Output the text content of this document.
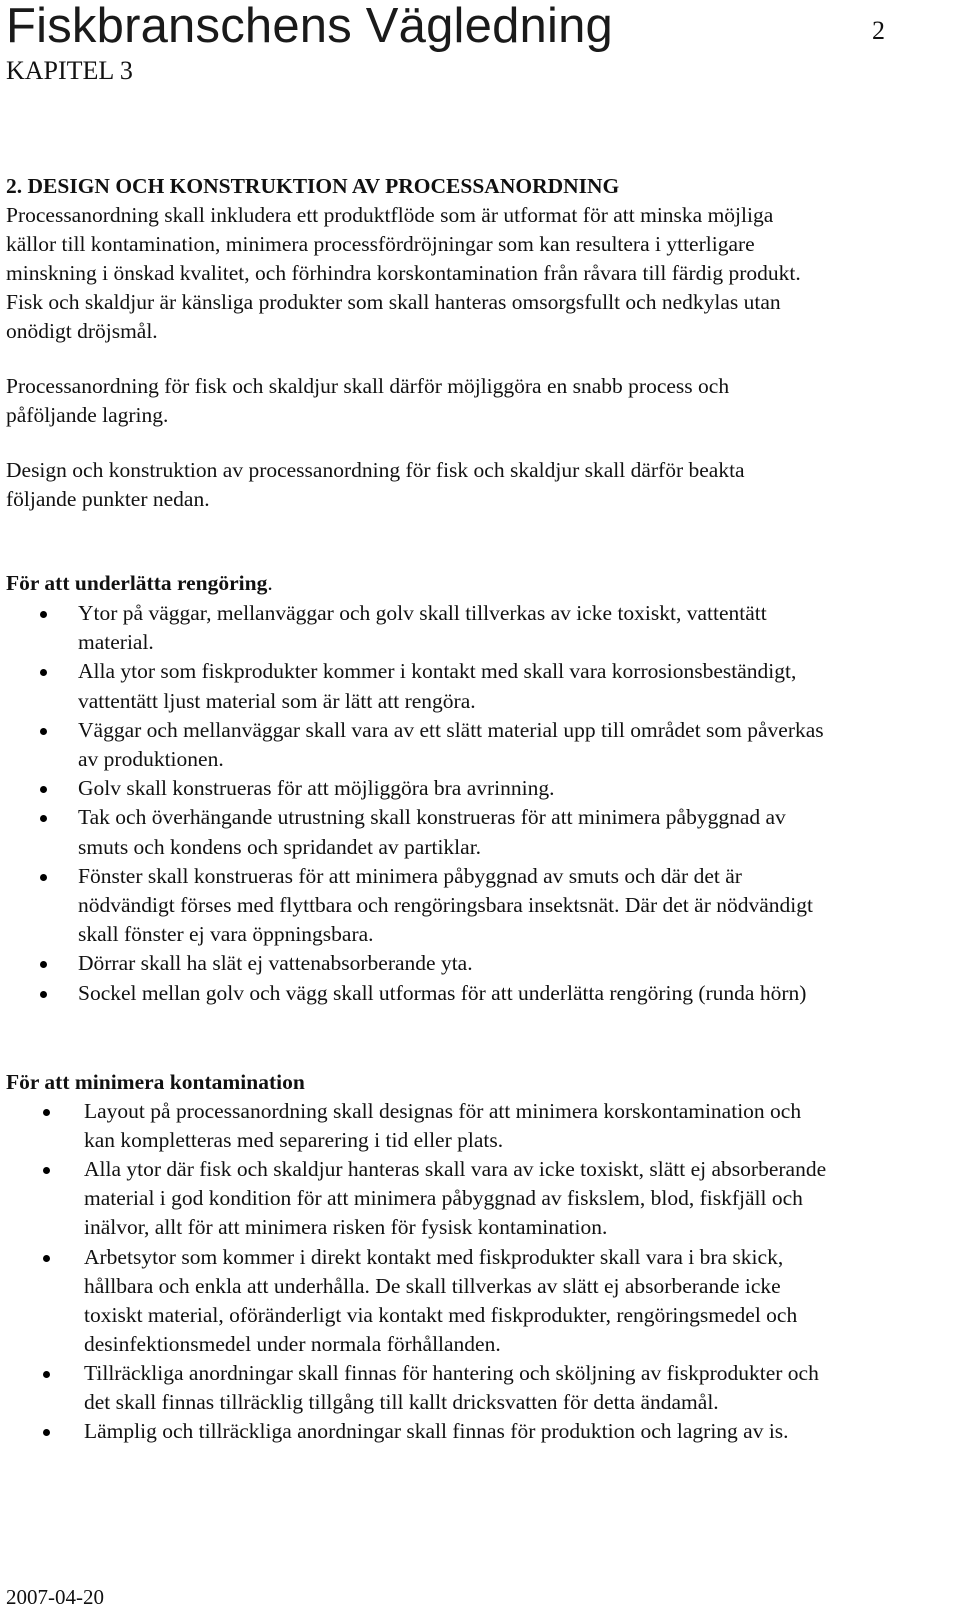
Fiskbranschens Vägledning	2
KAPITEL 3
2. DESIGN OCH KONSTRUKTION AV PROCESSANORDNING
Processanordning skall inkludera ett produktflöde som är utformat för att minska möjliga
källor till kontamination, minimera processfördröjningar som kan resultera i ytterligare
minskning i önskad kvalitet, och förhindra korskontamination från råvara till färdig produkt.
Fisk och skaldjur är känsliga produkter som skall hanteras omsorgsfullt och nedkylas utan
onödigt dröjsmål.
Processanordning för fisk och skaldjur skall därför möjliggöra en snabb process och
påföljande lagring.
Design och konstruktion av processanordning för fisk och skaldjur skall därför beakta
följande punkter nedan.
För att underlätta rengöring.
Ytor på väggar, mellanväggar och golv skall tillverkas av icke toxiskt, vattentätt
material.
Alla ytor som fiskprodukter kommer i kontakt med skall vara korrosionsbeständigt,
vattentätt ljust material som är lätt att rengöra.
Väggar och mellanväggar skall vara av ett slätt material upp till området som påverkas
av produktionen.
Golv skall konstrueras för att möjliggöra bra avrinning.
Tak och överhängande utrustning skall konstrueras för att minimera påbyggnad av
smuts och kondens och spridandet av partiklar.
Fönster skall konstrueras för att minimera påbyggnad av smuts och där det är
nödvändigt förses med flyttbara och rengöringsbara insektsnät. Där det är nödvändigt
skall fönster ej vara öppningsbara.
Dörrar skall ha slät ej vattenabsorberande yta.
Sockel mellan golv och vägg skall utformas för att underlätta rengöring (runda hörn)
För att minimera kontamination
Layout på processanordning skall designas för att minimera korskontamination och
kan kompletteras med separering i tid eller plats.
Alla ytor där fisk och skaldjur hanteras skall vara av icke toxiskt, slätt ej absorberande
material i god kondition för att minimera påbyggnad av fiskslem, blod, fiskfjäll och
inälvor, allt för att minimera risken för fysisk kontamination.
Arbetsytor som kommer i direkt kontakt med fiskprodukter skall vara i bra skick,
hållbara och enkla att underhålla. De skall tillverkas av slätt ej absorberande icke
toxiskt material, oföränderligt via kontakt med fiskprodukter, rengöringsmedel och
desinfektionsmedel under normala förhållanden.
Tillräckliga anordningar skall finnas för hantering och sköljning av fiskprodukter och
det skall finnas tillräcklig tillgång till kallt dricksvatten för detta ändamål.
Lämplig och tillräckliga anordningar skall finnas för produktion och lagring av is.
2007-04-20
